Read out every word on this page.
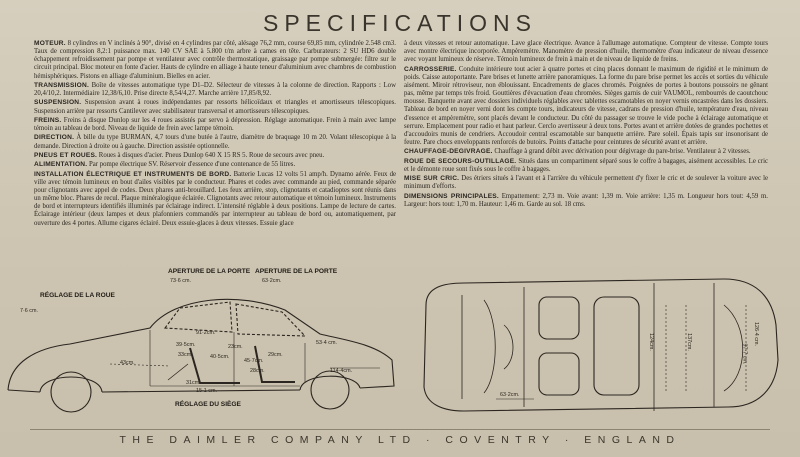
SPECIFICATIONS
MOTEUR. 8 cylindres en V inclinés à 90°, divisé en 4 cylindres par côté, alésage 76,2 mm, course 69,85 mm, cylindrée 2.548 cm3. Taux de compression 8,2:1 puissance max. 140 CV SAE à 5.800 t/m arbre à cames en tête. Carburateurs: 2 SU HD6 double échappement refroidissement par pompe et ventilateur avec contrôle thermostatique, graissage par pompe submergée: filtre sur le circuit principal. Bloc moteur en fonte d'acier. Hauts de cylindre en alliage à haute teneur d'aluminium avec chambres de combustion hémisphériques. Pistons en alliage d'aluminium. Bielles en acier.
TRANSMISSION. Boîte de vitesses automatique type D1–D2. Sélecteur de vitesses à la colonne de direction. Rapports : Low 20,4/10,2. Intermédiaire 12,38/6,10. Prise directe 8,54/4,27. Marche arrière 17,85/8,92.
SUSPENSION. Suspension avant à roues indépendantes par ressorts hélicoïdaux et triangles et amortisseurs télescopiques. Suspension arrière par ressorts Cantilever avec stabilisateur transversal et amortisseurs télescopiques.
FREINS. Freins à disque Dunlop sur les 4 roues assistés par servo à dépression. Réglage automatique. Frein à main avec lampe témoin au tableau de bord. Niveau de liquide de frein avec lampe témoin.
DIRECTION. À bille du type BURMAN, 4,7 tours d'une butée à l'autre, diamètre de braquage 10 m 20. Volant télescopique à la demande. Direction à droite ou à gauche. Direction assistée optionnelle.
PNEUS ET ROUES. Roues à disques d'acier. Pneus Dunlop 640 X 15 RS 5. Roue de secours avec pneu.
ALIMENTATION. Par pompe électrique SV. Réservoir d'essence d'une contenance de 55 litres.
INSTALLATION ÉLECTRIQUE ET INSTRUMENTS DE BORD. Batterie Lucas 12 volts 51 amp/h. Dynamo aérée. Feux de ville avec témoin lumineux en bout d'ailes visibles par le conducteur. Phares et codes avec commande au pied, commande séparée pour clignotants avec appel de codes. Deux phares anti-brouillard. Les feux arrière, stop, clignotants et catadioptes sont réunis dans un même bloc. Phares de recul. Plaque minéralogique éclairée. Clignotants avec retour automatique et témoin lumineux. Instruments de bord et interrupteurs identifiés illuminés par éclairage indirect. L'intensité réglable à deux positions. Lampe de lecture de cartes. Éclairage intérieur (deux lampes et deux plafonniers commandés par interrupteur au tableau de bord ou, automatiquement, par ouverture des 4 portes. Allume cigares éclairé. Deux essuie-glaces à deux vitesses. Essuie glace
à deux vitesses et retour automatique. Lave glace électrique. Avance à l'allumage automatique. Compteur de vitesse. Compte tours avec montre électrique incorporée. Ampèremètre. Manomètre de pression d'huile, thermomètre d'eau indicateur de niveau d'essence avec voyant lumineux de réserve. Témoin lumineux de frein à main et de niveau de liquide de freins.
CARROSSERIE. Conduite intérieure tout acier à quatre portes et cinq places donnant le maximum de rigidité et le minimum de poids. Caisse autoportante. Pare brises et lunette arrière panoramiques. La forme du pare brise permet les accès et sorties du véhicule aisément. Miroir rétroviseur, non éblouissant. Encadrements de glaces chromés. Poignées de portes à boutons poussoirs ne gênant pas, même par temps très froid. Gouttières d'évacuation d'eau chromées. Sièges garnis de cuir VAUMOL, rembourrés de caoutchouc mousse. Banquette avant avec dossiers individuels réglables avec tablettes escamotables en noyer vernis encastrées dans les dossiers. Tableau de bord en noyer verni dont les compte tours, indicateurs de vitesse, cadrans de pression d'huile, température d'eau, niveau d'essence et ampèremètre, sont placés devant le conducteur. Du côté du passager se trouve le vide poche à éclairage automatique et serrure. Emplacement pour radio et haut parleur. Cerclo avertisseur à deux tons. Portes avant et arrière dotées de grandes pochettes et d'accoudoirs munis de cendriers. Accoudoir central escamotable sur banquette arrière. Pare soleil. Épais tapis sur insonorisant de feutre. Pare chocs enveloppants renforcés de butoirs. Points d'attache pour ceintures de sécurité avant et arrière.
CHAUFFAGE-DEGIVRAGE. Chauffage à grand débit avec dérivation pour dégivrage du pare-brise. Ventilateur à 2 vitesses.
ROUE DE SECOURS-OUTILLAGE. Situés dans un compartiment séparé sous le coffre à bagages, aisément accessibles. Le cric et le démonte roue sont fixés sous le coffre à bagages.
MISE SUR CRIC. Des étriers situés à l'avant et à l'arrière du véhicule permettent d'y fixer le cric et de soulever la voiture avec le minimum d'efforts.
DIMENSIONS PRINCIPALES. Empattement: 2,73 m. Voie avant: 1,39 m. Voie arrière: 1,35 m. Longueur hors tout: 4,59 m. Largeur: hors tout: 1,70 m. Hauteur: 1,46 m. Garde au sol. 18 cms.
APERTURE DE LA PORTE APERTURE DE LA PORTE
RÉGLAGE DE LA ROUE
RÉGLAGE DU SIÈGE
73·6 cm.	63·2cm.
7·6 cm.
91·2cm.
39·5cm.
33cm.
43cm.
53·4 cm.
114·4cm.
23cm.
40·5cm.
45·7cm.
29cm.
31cm.
15·1 cm.
28cm.
124cm.	137cm.	126·4 cm.
97·7 cm.
63·2cm.
THE DAIMLER COMPANY LTD · COVENTRY · ENGLAND
